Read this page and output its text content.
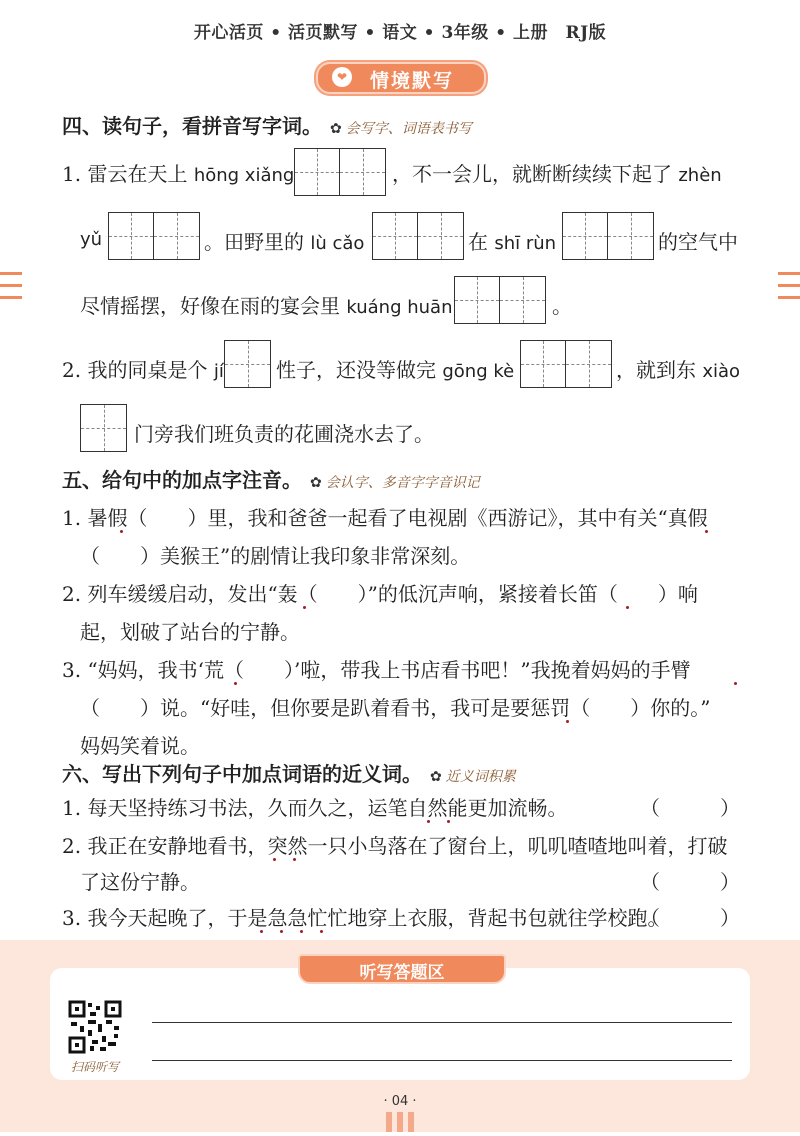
开心活页 • 活页默写 • 语文 • 3年级 • 上册　RJ版
❤ 情境默写
四、读句子，看拼音写字词。 ✿ 会写字、词语表书写
1. 雷云在天上 hōng xiǎng	，不一会儿，就断断续续下起了 zhèn
yǔ	。田野里的 lù cǎo	在 shī rùn	的空气中
尽情摇摆，好像在雨的宴会里 kuáng huān	。
2. 我的同桌是个 jí	性子，还没等做完 gōng kè	，就到东 xiào
门旁我们班负责的花圃浇水去了。
五、给句中的加点字注音。 ✿ 会认字、多音字字音识记
1. 暑假（　　）里，我和爸爸一起看了电视剧《西游记》，其中有关“真假
（　　）美猴王”的剧情让我印象非常深刻。
2. 列车缓缓启动，发出“轰（　　）”的低沉声响，紧接着长笛（　　）响
起，划破了站台的宁静。
3. “妈妈，我书‘荒（　　）’啦，带我上书店看书吧！”我挽着妈妈的手臂
（　　）说。“好哇，但你要是趴着看书，我可是要惩罚（　　）你的。”
妈妈笑着说。
六、写出下列句子中加点词语的近义词。 ✿ 近义词积累
1. 每天坚持练习书法，久而久之，运笔自然能更加流畅。	（　　　）
2. 我正在安静地看书，突然一只小鸟落在了窗台上，叽叽喳喳地叫着，打破
了这份宁静。	（　　　）
3. 我今天起晚了，于是急急忙忙地穿上衣服，背起书包就往学校跑。
（　　　）
听写答题区
扫码听写
· 04 ·
